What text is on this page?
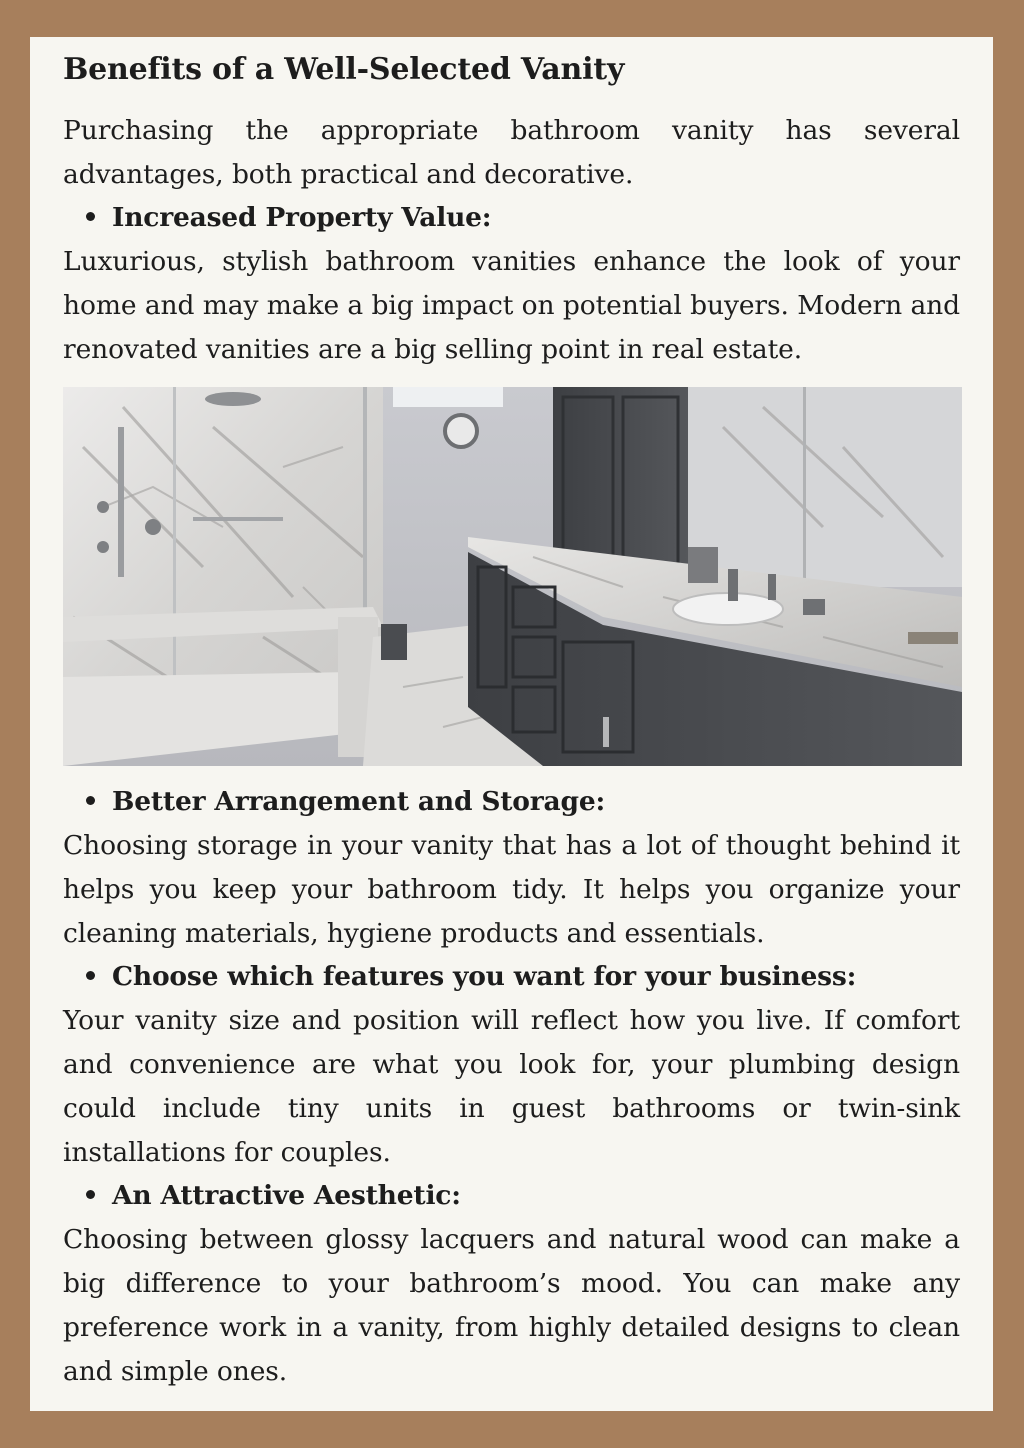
Benefits of a Well-Selected Vanity

Purchasing the appropriate bathroom vanity has several advantages, both practical and decorative.

Increased Property Value:

Luxurious, stylish bathroom vanities enhance the look of your home and may make a big impact on potential buyers. Modern and renovated vanities are a big selling point in real estate.

Better Arrangement and Storage:

Choosing storage in your vanity that has a lot of thought behind it helps you keep your bathroom tidy. It helps you organize your cleaning materials, hygiene products and essentials.

Choose which features you want for your business:

Your vanity size and position will reflect how you live. If comfort and convenience are what you look for, your plumbing design could include tiny units in guest bathrooms or twin-sink installations for couples.

An Attractive Aesthetic:

Choosing between glossy lacquers and natural wood can make a big difference to your bathroom’s mood. You can make any preference work in a vanity, from highly detailed designs to clean and simple ones.
